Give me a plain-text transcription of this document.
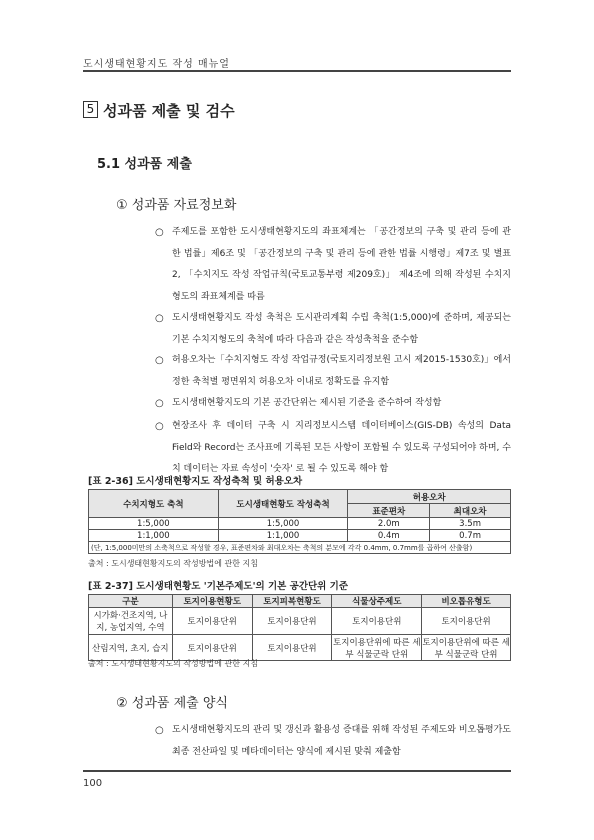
도시생태현황지도 작성 매뉴얼
5 성과품 제출 및 검수
5.1 성과품 제출
① 성과품 자료정보화
○ 주제도를 포함한 도시생태현황지도의 좌표체계는 「공간정보의 구축 및 관리 등에 관한 법률」제6조 및 「공간정보의 구축 및 관리 등에 관한 법률 시행령」제7조 및 별표 2, 「수치지도 작성 작업규칙(국토교통부령 제209호)」 제4조에 의해 작성된 수치지형도의 좌표체계를 따름
○ 도시생태현황지도 작성 축척은 도시관리계획 수립 축척(1:5,000)에 준하며, 제공되는 기본 수치지형도의 축척에 따라 다음과 같은 작성축척을 준수함
○ 허용오차는「수치지형도 작성 작업규정(국토지리정보원 고시 제2015-1530호)」에서 정한 축척별 평면위치 허용오차 이내로 정확도를 유지함
○ 도시생태현황지도의 기본 공간단위는 제시된 기준을 준수하여 작성함
○ 현장조사 후 데이터 구축 시 지리정보시스템 데이터베이스(GIS-DB) 속성의 Data Field와 Record는 조사표에 기록된 모든 사항이 포함될 수 있도록 구성되어야 하며, 수치 데이터는 자료 속성이 '숫자' 로 될 수 있도록 해야 함
[표 2-36] 도시생태현황지도 작성축척 및 허용오차
수치지형도 축척	도시생태현황도 작성축척	허용오차	
		표준편차	최대오차
1:5,000	1:5,000	2.0m	3.5m
1:1,000	1:1,000	0.4m	0.7m
(단, 1:5,000미만의 소축척으로 작성할 경우, 표준편차와 최대오차는 축척의 분모에 각각 0.4mm, 0.7mm를 곱하여 산출함)			
출처 : 도시생태현황지도의 작성방법에 관한 지침
[표 2-37] 도시생태현황도 '기본주제도'의 기본 공간단위 기준
구분	토지이용현황도	토지피복현황도	식물상주제도	비오톱유형도
시가화·건조지역, 나지, 농업지역, 수역	토지이용단위	토지이용단위	토지이용단위	토지이용단위
산림지역, 초지, 습지	토지이용단위	토지이용단위	토지이용단위에 따른 세부 식물군락 단위	토지이용단위에 따른 세부 식물군락 단위
출처 : 도시생태현황지도의 작성방법에 관한 지침
② 성과품 제출 양식
○ 도시생태현황지도의 관리 및 갱신과 활용성 증대를 위해 작성된 주제도와 비오톱평가도 최종 전산파일 및 메타데이터는 양식에 제시된 맞춰 제출함
100
